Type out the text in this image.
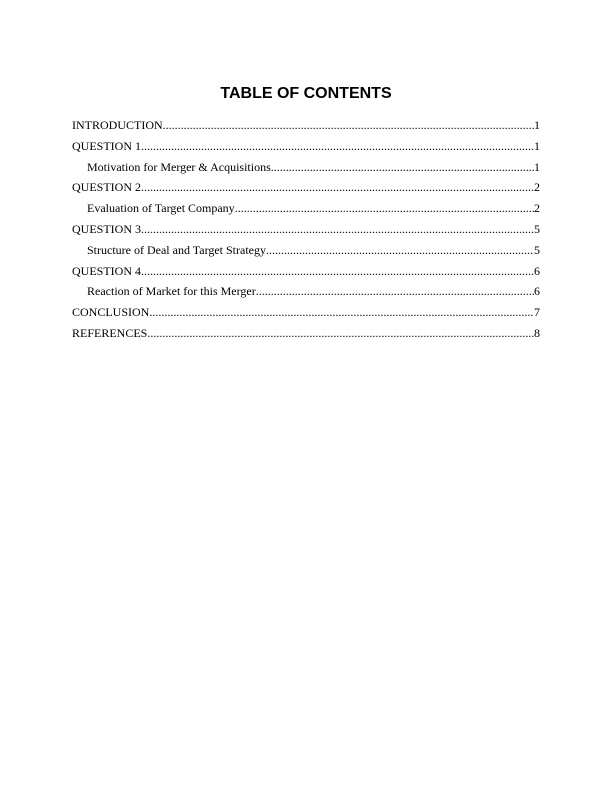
TABLE OF CONTENTS
INTRODUCTION .....	1
QUESTION 1 .....	1
Motivation for Merger & Acquisitions .....	1
QUESTION 2 .....	2
Evaluation of Target Company .....	2
QUESTION 3 .....	5
Structure of Deal and Target Strategy .....	5
QUESTION 4 .....	6
Reaction of Market for this Merger .....	6
CONCLUSION .....	7
REFERENCES .....	8
